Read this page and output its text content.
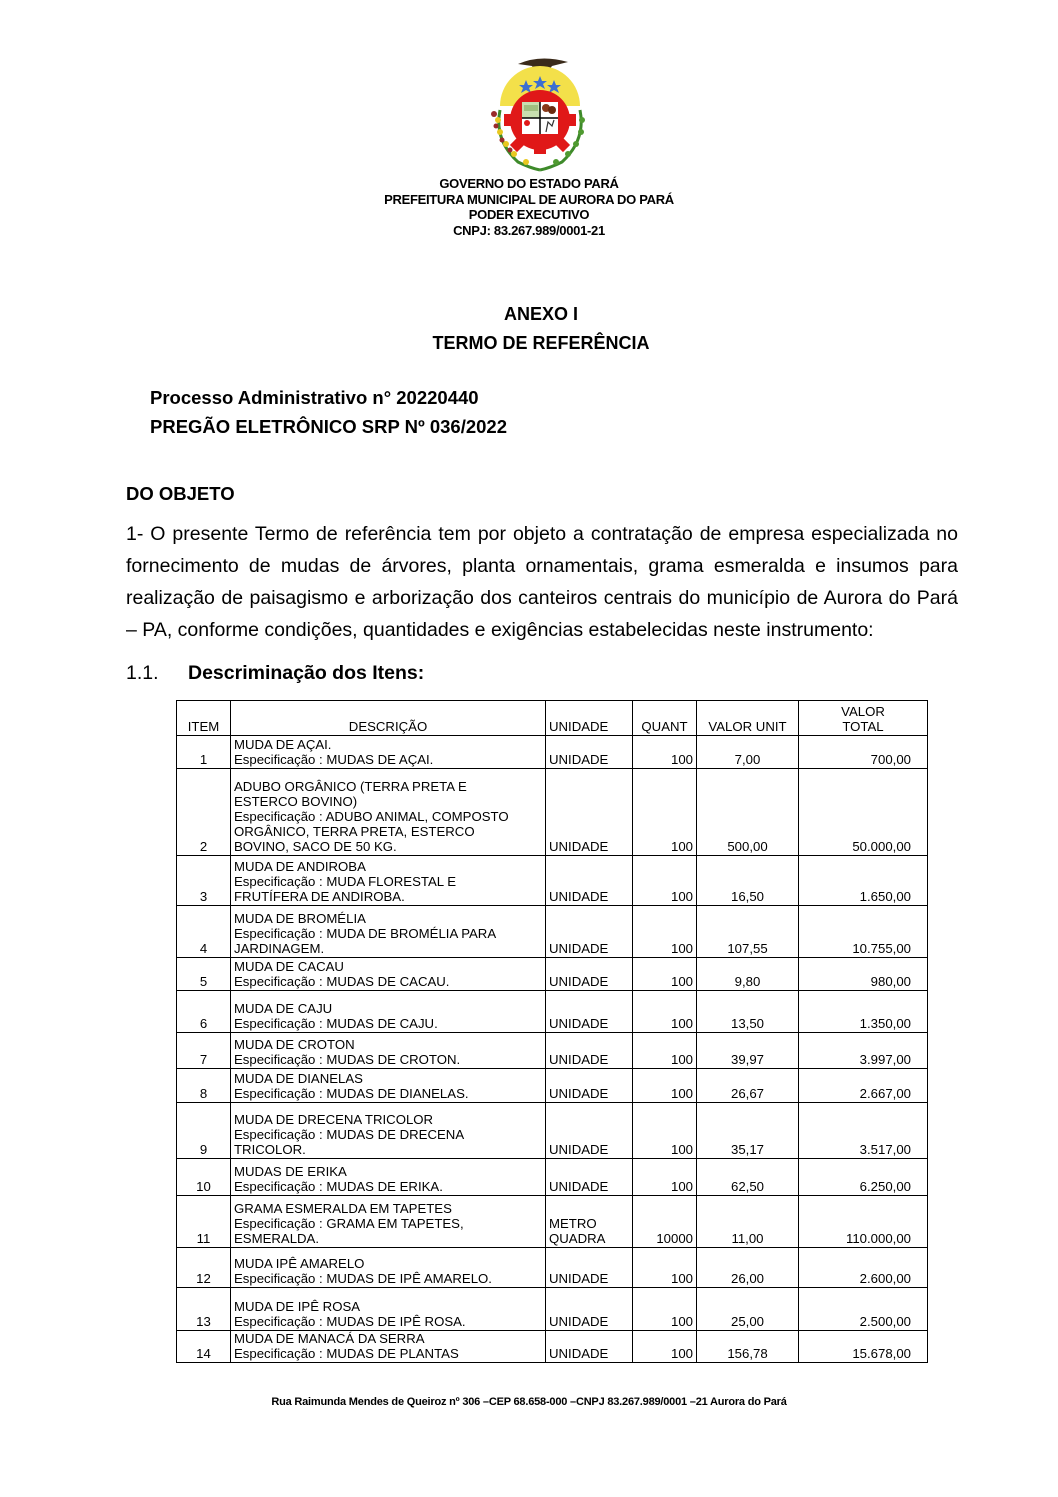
GOVERNO DO ESTADO PARÁ
PREFEITURA MUNICIPAL DE AURORA DO PARÁ
PODER EXECUTIVO
CNPJ: 83.267.989/0001-21
ANEXO I
TERMO DE REFERÊNCIA
Processo Administrativo n° 20220440
PREGÃO ELETRÔNICO SRP Nº 036/2022
DO OBJETO
1- O presente Termo de referência tem por objeto a contratação de empresa especializada no fornecimento de mudas de árvores, planta ornamentais, grama esmeralda e insumos para realização de paisagismo e arborização dos canteiros centrais do município de Aurora do Pará – PA, conforme condições, quantidades e exigências estabelecidas neste instrumento:
1.1. Descriminação dos Itens:
ITEM	DESCRIÇÃO	UNIDADE	QUANT	VALOR UNIT	VALOR
TOTAL

1	MUDA DE AÇAI.
Especificação : MUDAS DE AÇAI.	UNIDADE	100	7,00	700,00
2	ADUBO ORGÂNICO (TERRA PRETA E
ESTERCO BOVINO)
Especificação : ADUBO ANIMAL, COMPOSTO
ORGÂNICO, TERRA PRETA, ESTERCO
BOVINO, SACO DE 50 KG.	UNIDADE	100	500,00	50.000,00
3	MUDA DE ANDIROBA
Especificação : MUDA FLORESTAL E
FRUTÍFERA DE ANDIROBA.	UNIDADE	100	16,50	1.650,00
4	MUDA DE BROMÉLIA
Especificação : MUDA DE BROMÉLIA PARA
JARDINAGEM.	UNIDADE	100	107,55	10.755,00
5	MUDA DE CACAU
Especificação : MUDAS DE CACAU.	UNIDADE	100	9,80	980,00
6	MUDA DE CAJU
Especificação : MUDAS DE CAJU.	UNIDADE	100	13,50	1.350,00
7	MUDA DE CROTON
Especificação : MUDAS DE CROTON.	UNIDADE	100	39,97	3.997,00
8	MUDA DE DIANELAS
Especificação : MUDAS DE DIANELAS.	UNIDADE	100	26,67	2.667,00
9	MUDA DE DRECENA TRICOLOR
Especificação : MUDAS DE DRECENA
TRICOLOR.	UNIDADE	100	35,17	3.517,00
10	MUDAS DE ERIKA
Especificação : MUDAS DE ERIKA.	UNIDADE	100	62,50	6.250,00
11	GRAMA ESMERALDA EM TAPETES
Especificação : GRAMA EM TAPETES,
ESMERALDA.	METRO
QUADRA	10000	11,00	110.000,00
12	MUDA IPÊ AMARELO
Especificação : MUDAS DE IPÊ AMARELO.	UNIDADE	100	26,00	2.600,00
13	MUDA DE IPÊ ROSA
Especificação : MUDAS DE IPÊ ROSA.	UNIDADE	100	25,00	2.500,00
14	MUDA DE MANACÁ DA SERRA
Especificação : MUDAS DE PLANTAS	UNIDADE	100	156,78	15.678,00
Rua Raimunda Mendes de Queiroz nº 306 –CEP 68.658-000 –CNPJ 83.267.989/0001 –21 Aurora do Pará
